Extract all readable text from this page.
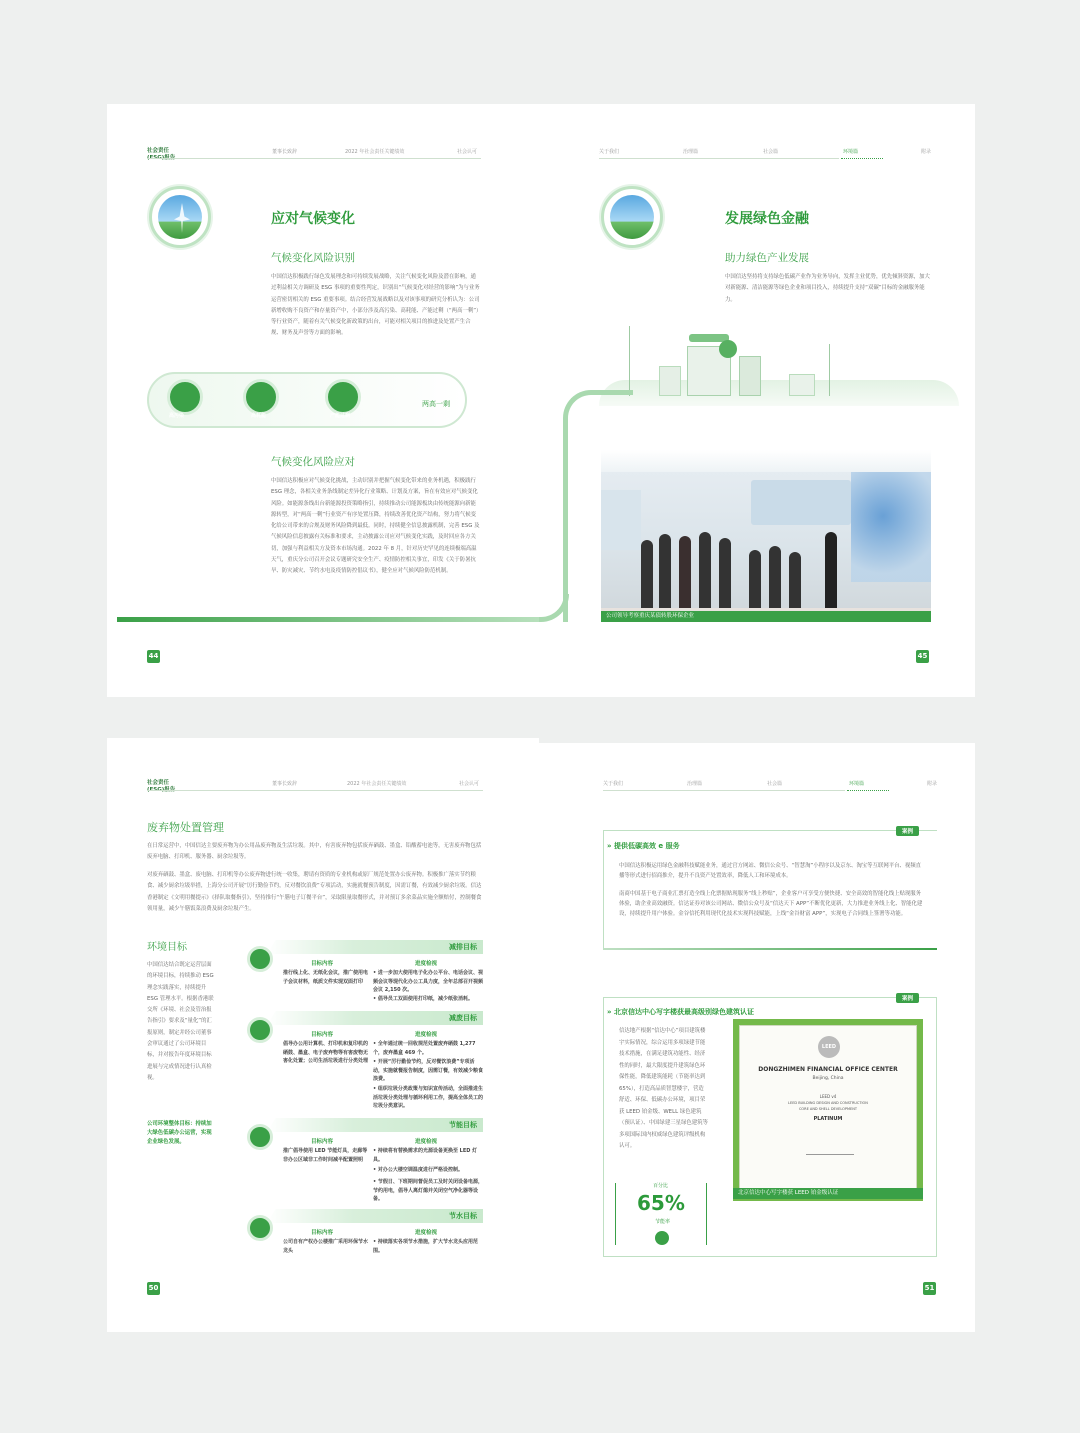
社会责任	董事长致辞	2022 年社会责任关键绩效	社会认可
应对气候变化
气候变化风险识别
中国信达积极践行绿色发展理念和可持续发展战略，关注气候变化风险及潜在影响，通过利益相关方调研及 ESG 事项的重要性判定，识别出“气候变化对经营的影响”为与业务运营密切相关的 ESG 重要事项。结合经营发展战略以及对该事项的研究分析认为：公司新增收购不良资产和存量资产中，小部分涉及高污染、高耗能、产能过剩（“两高一剩”）等行业资产，随着有关气候变化新政策的出台，可能对相关项目的推进及处置产生合规、财务及声誉等方面的影响。
高污染	高耗能	产能过剩
两高一剩
气候变化风险应对
中国信达积极应对气候变化挑战，主动识别并把握气候变化带来的业务机遇，积极践行 ESG 理念，各相关业务条线制定差异化行业策略、计划及方案，旨在有效应对气候变化风险。如能源条线出台新能源投资策略指引，持续推动公司能源板块由传统能源向新能源转型，对“两高一剩”行业资产有序处置压降，持续改善优化资产结构，努力将气候变化给公司带来的合规及财务风险降到最低。同时，持续健全信息披露机制，完善 ESG 及气候风险信息披露有关标准和要求，主动披露公司应对气候变化实践，及时回应各方关切，加强与利益相关方及资本市场沟通。2022 年 8 月，针对历史罕见的连续极端高温天气，重庆分公司召开会议专题研究安全生产、疫情防控相关事宜，印发《关于防暑抗旱、防灾减灾、节约水电及疫情防控倡议书》，健全应对气候风险防范机制。
44
关于我们	治理篇	社会篇	环境篇	附录
发展绿色金融
助力绿色产业发展
中国信达坚持将支持绿色低碳产业作为业务导向，发挥主业优势，优先倾斜资源，加大对新能源、清洁能源等绿色企业和项目投入，持续提升支持“双碳”目标的金融服务能力。
公司领导考察重庆某债转股环保企业
45
社会责任	董事长致辞	2022 年社会责任关键绩效	社会认可
废弃物处置管理
在日常运营中，中国信达主要废弃物为办公用品废弃物及生活垃圾。其中，有害废弃物包括废弃硒鼓、墨盒、铅酸蓄电池等，无害废弃物包括废弃电脑、打印机、服务器、厨余垃圾等。
对废弃硒鼓、墨盒、废电脑、打印机等办公废弃物进行统一收集，聘请有资质的专业机构或原厂规范处置办公废弃物。积极推广落实节约粮食、减少厨余垃圾举措，上海分公司开展“厉行勤俭节约，反对餐饮浪费”专项活动，实施就餐预告制度，因需订餐，有效减少厨余垃圾。信达香港制定《文明用餐提示》《择队取餐指引》，坚持推行“午膳电子订餐平台”，采取限量取餐形式，并对预订多余菜品实施全额赔付，控制餐食领用量，减少午膳饭菜浪费及厨余垃圾产生。
环境目标
中国信达结合既定运营层面的环境目标，持续推动 ESG 理念实践落实，持续提升 ESG 管理水平。根据香港联交所《环境、社会及管治报告指引》要求及“量化”的汇报原则，制定并经公司董事会审议通过了公司环境目标，并对报告年度环境目标进展与完成情况进行认真检视。
公司环境整体目标：持续加大绿色低碳办公运营，实现企业绿色发展。
减排目标
目标内容	进度检视
推行线上化、无纸化会议，推广使用电子会议材料，纸质文件实现双面打印
• 进一步加大使用电子化办公平台、电话会议、视频会议等现代化办公工具力度，全年总部召开视频会议 2,150 次。
• 倡导员工双面使用打印纸，减少纸张消耗。
减废目标
目标内容	进度检视
倡导办公用计算机、打印机和复印机的硒鼓、墨盒、电子废弃物等有害废物无害化处置；公司生活垃圾进行分类处理
• 全年通过统一回收规范处置废弃硒鼓 1,277 个，废弃墨盒 469 个。
• 开展“厉行勤俭节约，反对餐饮浪费”专项活动，实施就餐报告制度，因需订餐，有效减少粮食浪费。
• 组织垃圾分类政策与知识宣传活动，全面推进生活垃圾分类处理与循环利用工作，提高全体员工的垃圾分类意识。
节能目标
目标内容	进度检视
推广倡导使用 LED 节能灯具，走廊等非办公区域非工作时间减半配置照明
• 持续将有替换需求的光源设备更换至 LED 灯具。
• 对办公大楼空调温度进行严格设控制。
• 节假日、下班期间督促员工及时关闭设备电源，节约用电，倡导人离灯熄并关闭空气净化器等设备。
节水目标
目标内容	进度检视
公司自有产权办公楼推广采用环保节水龙头
• 持续落实各项节水措施，扩大节水龙头应用范围。
50
关于我们	治理篇	社会篇	环境篇	附录
案例
» 提供低碳高效 e 服务
中国信达积极运用绿色金融科技赋能业务，通过官方网站、微信公众号、“智慧淘”小程序以及京东、淘宝等互联网平台、视频直播等形式进行招商推介，提升不良资产处置效率，降低人工和环境成本。
南商中国基于电子商业汇票打造全线上化票据贴现服务“线上秒贴”，企业客户可享受方便快捷、安全高效的智能化线上贴现服务体验，助企业高效融资。信达证券对该公司网站、微信公众号及“信达天下 APP”不断优化更新，大力推进业务线上化、智能化建设，持续提升用户体验。金谷信托利用现代化技术实现科技赋能，上线“金谷财富 APP”，实现电子合同线上签署等功能。
案例
» 北京信达中心写字楼获最高级别绿色建筑认证
信达地产根据“信达中心”项目建筑楼宇实际情况，综合运用多项绿建节能技术措施，在满足建筑功能性、经济性的同时，最大限度提升建筑绿色环保性能，降低建筑能耗（节能率达到 65%），打造高品质智慧楼宇，营造舒适、环保、低碳办公环境，项目荣获 LEED 铂金级、WELL 绿色建筑（预认证）、中国绿建三星绿色建筑等多项国际国内权威绿色建筑评级机构认可。
百分比
65%
节能率
LEED
DONGZHIMEN FINANCIAL OFFICE CENTER
Beijing, China
LEED v4
LEED BUILDING DESIGN AND CONSTRUCTION
CORE AND SHELL DEVELOPMENT
PLATINUM
北京信达中心写字楼获 LEED 铂金级认证
51
